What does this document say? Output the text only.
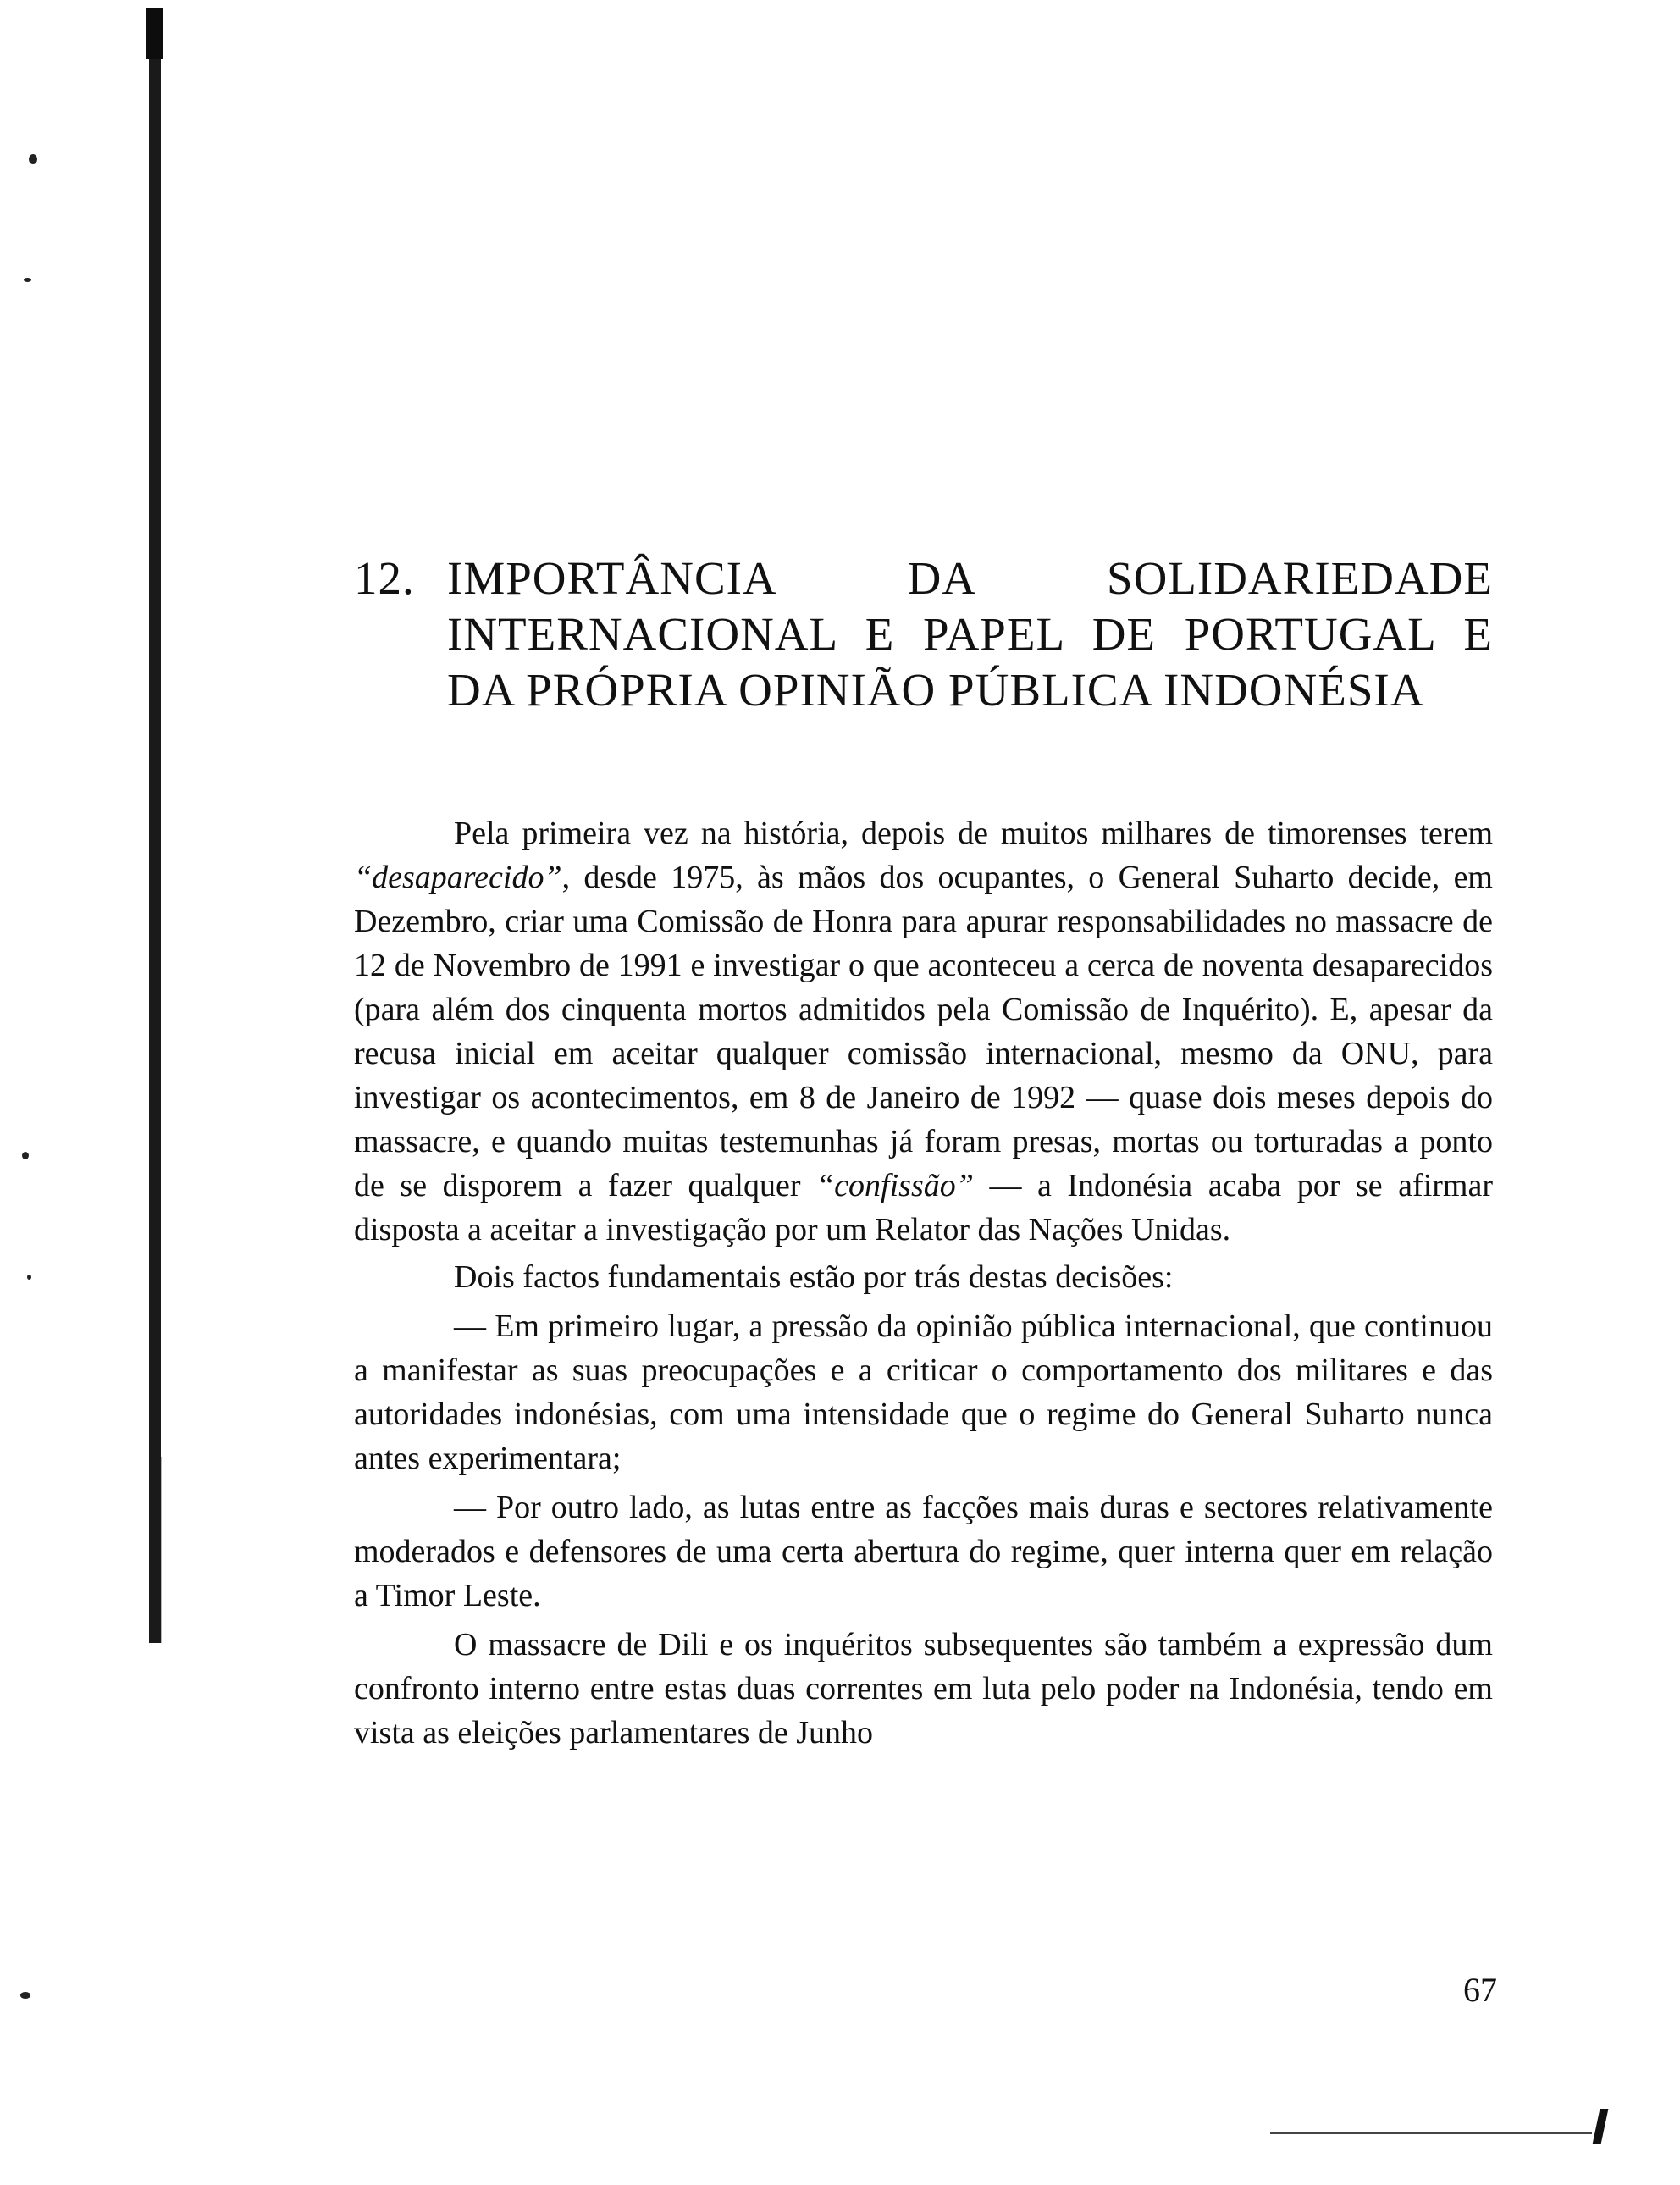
12. IMPORTÂNCIA DA SOLIDARIEDADE INTERNACIONAL E PAPEL DE PORTUGAL E DA PRÓPRIA OPINIÃO PÚBLICA INDONÉSIA

Pela primeira vez na história, depois de muitos milhares de timorenses terem “desaparecido”, desde 1975, às mãos dos ocupantes, o General Suharto decide, em Dezembro, criar uma Comissão de Honra para apurar responsabilidades no massacre de 12 de Novembro de 1991 e investigar o que aconteceu a cerca de noventa desaparecidos (para além dos cinquenta mortos admitidos pela Comissão de Inquérito). E, apesar da recusa inicial em aceitar qualquer comissão internacional, mesmo da ONU, para investigar os acontecimentos, em 8 de Janeiro de 1992 — quase dois meses depois do massacre, e quando muitas testemunhas já foram presas, mortas ou torturadas a ponto de se disporem a fazer qualquer “confissão” — a Indonésia acaba por se afirmar disposta a aceitar a investigação por um Relator das Nações Unidas.

Dois factos fundamentais estão por trás destas decisões:

— Em primeiro lugar, a pressão da opinião pública internacional, que continuou a manifestar as suas preocupações e a criticar o comportamento dos militares e das autoridades indonésias, com uma intensidade que o regime do General Suharto nunca antes experimentara;

— Por outro lado, as lutas entre as facções mais duras e sectores relativamente moderados e defensores de uma certa abertura do regime, quer interna quer em relação a Timor Leste.

O massacre de Dili e os inquéritos subsequentes são também a expressão dum confronto interno entre estas duas correntes em luta pelo poder na Indonésia, tendo em vista as eleições parlamentares de Junho

67
